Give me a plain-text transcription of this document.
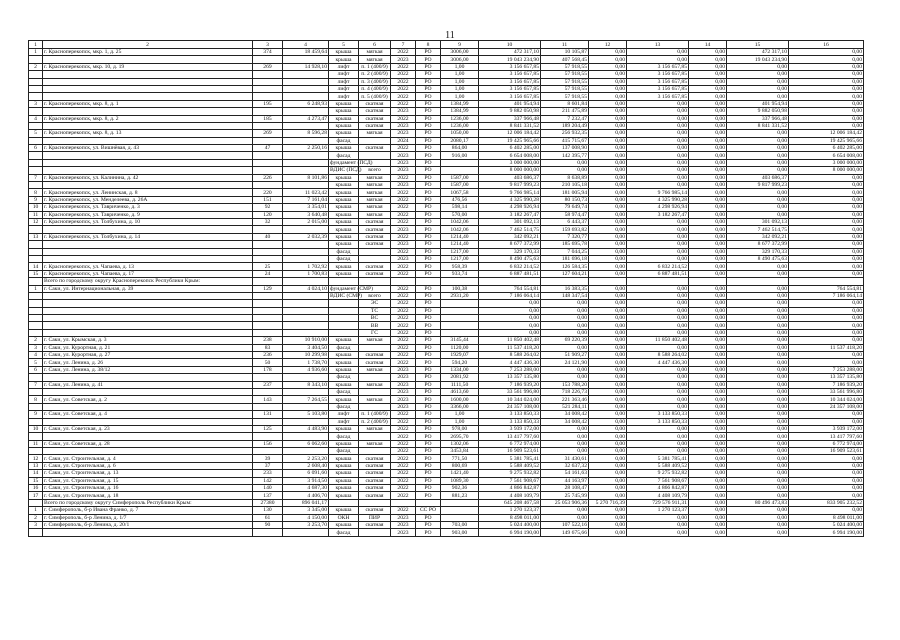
11
1	2	3	4	5	6	7	8	9	10	11	12	13	14	15	16
1	г. Красноперекопск, мкр. 1, д. 25	374	18 459,64	крыша	мягкая	2022	РО	3006,00	472 317,10	10 105,87	0,00	0,00	0,00	472 317,10	0,00
				крыша	мягкая	2023	РО	3006,00	19 043 234,90	407 568,45	0,00	0,00	0,00	19 043 234,90	0,00
2	г. Красноперекопск, мкр. 10, д. 19	269	14 928,10	лифт	п. 1 (400/9)	2022	РО	1,00	3 156 657,85	57 918,55	0,00	3 156 657,85	0,00	0,00	0,00
				лифт	п. 2 (400/9)	2022	РО	1,00	3 156 657,85	57 918,55	0,00	3 156 657,85	0,00	0,00	0,00
				лифт	п. 3 (400/9)	2022	РО	1,00	3 156 657,85	57 918,55	0,00	3 156 657,85	0,00	0,00	0,00
				лифт	п. 4 (400/9)	2022	РО	1,00	3 156 657,85	57 918,55	0,00	3 156 657,85	0,00	0,00	0,00
				лифт	п. 5 (400/9)	2022	РО	1,00	3 156 657,85	57 918,55	0,00	3 156 657,85	0,00	0,00	0,00
3	г. Красноперекопск, мкр. 8, д. 1	195	6 248,93	крыша	скатная	2022	РО	1384,99	401 954,94	8 601,84	0,00	0,00	0,00	401 954,94	0,00
				крыша	скатная	2023	РО	1384,99	9 882 050,98	211 475,89	0,00	0,00	0,00	9 882 050,98	0,00
4	г. Красноперекопск, мкр. 8, д. 2	185	4 273,47	крыша	скатная	2022	РО	1236,00	337 966,48	7 232,47	0,00	0,00	0,00	337 966,48	0,00
				крыша	скатная	2023	РО	1236,00	8 841 331,52	189 204,49	0,00	0,00	0,00	8 841 331,52	0,00
5	г. Красноперекопск, мкр. 8, д. 13	269	8 596,28	крыша	мягкая	2023	РО	1050,00	12 006 184,42	256 932,35	0,00	0,00	0,00	0,00	12 006 184,42
				фасад		2024	РО	2080,17	19 425 965,66	415 715,67	0,00	0,00	0,00	0,00	19 425 965,66
6	г. Красноперекопск, ул. Вишнёвая, д. 43	47	2 250,16	крыша	скатная	2022	РО	864,00	6 402 285,00	137 008,90	0,00	0,00	0,00	0,00	6 402 285,00
				фасад		2023	РО	916,00	6 654 008,00	142 395,77	0,00	0,00	0,00	0,00	6 654 008,00
				фундамент (ПСД)		2023	РО		3 000 000,00	0,00	0,00	0,00	0,00	0,00	3 000 000,00
				ВДИС (ПСД)	всего	2023	РО		8 000 000,00	0,00	0,00	0,00	0,00	0,00	8 000 000,00
7	г. Красноперекопск, ул. Калинина, д. 42	226	8 101,86	крыша	мягкая	2022	РО	1587,00	403 686,37	8 638,89	0,00	0,00	0,00	403 686,37	0,00
				крыша	мягкая	2023	РО	1587,00	9 817 999,23	210 105,18	0,00	0,00	0,00	9 817 999,23	0,00
8	г. Красноперекопск, ул. Ленинская, д. 8	220	11 023,42	крыша	мягкая	2022	РО	1067,58	9 766 985,14	181 005,94	0,00	9 766 985,14	0,00	0,00	0,00
9	г. Красноперекопск, ул. Менделеева, д. 26А	151	7 161,04	крыша	мягкая	2022	РО	476,56	4 325 990,28	80 150,73	0,00	4 325 990,28	0,00	0,00	0,00
10	г. Красноперекопск, ул. Тавриченко, д. 3	92	3 354,01	крыша	мягкая	2022	РО	598,14	4 298 926,94	79 649,74	0,00	4 298 926,94	0,00	0,00	0,00
11	г. Красноперекопск, ул. Тавриченко, д. 9	120	3 640,48	крыша	мягкая	2022	РО	570,00	3 182 267,47	58 974,47	0,00	3 182 267,47	0,00	0,00	0,00
12	г. Красноперекопск, ул. Толбухина, д. 10	32	2 015,00	крыша	скатная	2022	РО	1042,06	301 092,13	6 443,37	0,00	0,00	0,00	301 092,13	0,00
				крыша	скатная	2023	РО	1042,06	7 462 514,75	159 693,82	0,00	0,00	0,00	7 462 514,75	0,00
13	г. Красноперекопск, ул. Толбухина, д. 14	40	2 032,39	крыша	скатная	2022	РО	1214,40	342 092,21	7 320,77	0,00	0,00	0,00	342 092,21	0,00
				крыша	скатная	2023	РО	1214,40	8 677 372,99	185 695,78	0,00	0,00	0,00	8 677 372,99	0,00
				фасад		2022	РО	1217,00	329 170,33	7 044,25	0,00	0,00	0,00	329 170,33	0,00
				фасад		2023	РО	1217,00	8 490 475,63	181 696,18	0,00	0,00	0,00	8 490 475,63	0,00
14	г. Красноперекопск, ул. Чапаева, д. 13	25	1 702,92	крыша	скатная	2022	РО	958,39	6 832 214,52	126 584,35	0,00	6 832 214,52	0,00	0,00	0,00
15	г. Красноперекопск, ул. Чапаева, д. 17	24	1 700,83	крыша	скатная	2022	РО	933,74	6 887 481,51	127 604,21	0,00	6 887 481,51	0,00	0,00	0,00
	Всего по городскому округу Красноперекопск Республики Крым:														
1	г. Саки, ул. Интернациональная, д. 39	129	4 024,10	фундамент (СМР)		2022	РО	100,38	764 554,81	16 383,35	0,00	0,00	0,00	0,00	764 554,81
				ВДИС (СМР)	всего	2022	РО	2931,20	7 186 064,14	148 347,54	0,00	0,00	0,00	0,00	7 186 064,14
					ЭС	2022	РО		0,00	0,00	0,00	0,00	0,00	0,00	0,00
					ТС	2022	РО		0,00	0,00	0,00	0,00	0,00	0,00	0,00
					ВС	2022	РО		0,00	0,00	0,00	0,00	0,00	0,00	0,00
					ВВ	2022	РО		0,00	0,00	0,00	0,00	0,00	0,00	0,00
					ГС	2022	РО		0,00	0,00	0,00	0,00	0,00	0,00	0,00
2	г. Саки, ул. Крымская, д. 3	238	10 910,00	крыша	мягкая	2022	РО	3145,44	11 850 402,48	69 220,39	0,00	11 850 402,48	0,00	0,00	0,00
3	г. Саки, ул. Курортная, д. 21	83	3 404,50	фасад		2022	РО	1120,00	11 537 418,20	0,00	0,00	0,00	0,00	0,00	11 537 418,20
4	г. Саки, ул. Курортная, д. 27	236	10 299,98	крыша	скатная	2022	РО	1929,07	8 588 264,02	51 909,27	0,00	8 588 264,02	0,00	0,00	0,00
5	г. Саки, ул. Ленина, д. 26	50	1 738,70	крыша	скатная	2022	РО	594,20	4 447 436,30	24 121,90	0,00	4 447 436,30	0,00	0,00	0,00
6	г. Саки, ул. Ленина, д. 38/12	178	4 936,60	крыша	мягкая	2023	РО	1334,00	7 253 288,00	0,00	0,00	0,00	0,00	0,00	7 253 288,00
				фасад		2023	РО	2081,92	13 357 135,80	0,00	0,00	0,00	0,00	0,00	13 357 135,80
7	г. Саки, ул. Ленина, д. 41	237	8 343,10	крыша	мягкая	2023	РО	1111,50	7 186 939,20	153 788,20	0,00	0,00	0,00	0,00	7 186 939,20
				фасад		2023	РО	4613,60	33 561 996,80	718 226,73	0,00	0,00	0,00	0,00	33 561 996,80
8	г. Саки, ул. Советская, д. 2	143	7 264,55	крыша	мягкая	2023	РО	1600,00	10 344 024,00	221 363,46	0,00	0,00	0,00	0,00	10 344 024,00
				фасад		2023	РО	3366,00	24 357 108,00	521 284,11	0,00	0,00	0,00	0,00	24 357 108,00
9	г. Саки, ул. Советская, д. 4	131	5 103,80	лифт	п. 1 (400/9)	2022	РО	1,00	3 133 850,33	34 008,42	0,00	3 133 850,33	0,00	0,00	0,00
				лифт	п. 2 (400/9)	2022	РО	1,00	3 133 850,33	34 008,42	0,00	3 133 850,33	0,00	0,00	0,00
10	г. Саки, ул. Советская, д. 23	125	4 483,90	крыша	мягкая	2022	РО	978,00	3 939 172,00	0,00	0,00	0,00	0,00	0,00	3 939 172,00
				фасад		2022	РО	2695,70	13 417 797,60	0,00	0,00	0,00	0,00	0,00	13 417 797,60
11	г. Саки, ул. Советская, д. 28	156	6 062,60	крыша	мягкая	2022	РО	1302,06	6 772 974,00	0,00	0,00	0,00	0,00	0,00	6 772 974,00
				фасад		2022	РО	3453,84	16 909 523,61	0,00	0,00	0,00	0,00	0,00	16 909 523,61
12	г. Саки, ул. Строительная, д. 4	39	2 253,20	крыша	скатная	2022	РО	771,50	5 381 785,41	31 430,61	0,00	5 381 785,41	0,00	0,00	0,00
13	г. Саки, ул. Строительная, д. 6	37	2 608,40	крыша	скатная	2022	РО	800,69	5 588 409,52	32 637,32	0,00	5 588 409,52	0,00	0,00	0,00
14	г. Саки, ул. Строительная, д. 13	233	6 091,60	крыша	скатная	2022	РО	1421,40	9 275 932,82	54 161,63	0,00	9 275 932,82	0,00	0,00	0,00
15	г. Саки, ул. Строительная, д. 15	142	3 914,50	крыша	скатная	2022	РО	1089,30	7 561 908,67	44 163,97	0,00	7 561 908,67	0,00	0,00	0,00
16	г. Саки, ул. Строительная, д. 16	140	4 687,30	крыша	скатная	2022	РО	902,36	4 866 842,87	28 108,47	0,00	4 866 842,87	0,00	0,00	0,00
17	г. Саки, ул. Строительная, д. 18	137	4 406,70	крыша	скатная	2022	РО	881,23	4 408 109,79	25 745,99	0,00	4 408 109,79	0,00	0,00	0,00
	Всего по городскому округу Симферополь Республики Крым:	27380	896 041,17						645 208 467,58	25 053 906,36	5 270 716,39	729 576 911,31	0,00	80 496 473,83	833 905 232,52
1	г. Симферополь, б-р Ивана Франко, д. 7	130	3 345,00	крыша	скатная	2022	СС РО		1 270 123,37	0,00	0,00	1 270 123,37	0,00	0,00	0,00
2	г. Симферополь, б-р Ленина, д. 1/7	61	4 150,00	ОКН	ПИР	2023	РО		8 498 011,00	0,00	0,00	0,00	0,00	0,00	8 498 011,00
3	г. Симферополь, б-р Ленина, д. 20/1	90	3 253,70	крыша	скатная	2023	РО	703,00	5 024 400,00	107 522,16	0,00	0,00	0,00	0,00	5 024 400,00
				фасад		2023	РО	903,00	6 994 190,00	149 675,66	0,00	0,00	0,00	0,00	6 994 190,00
